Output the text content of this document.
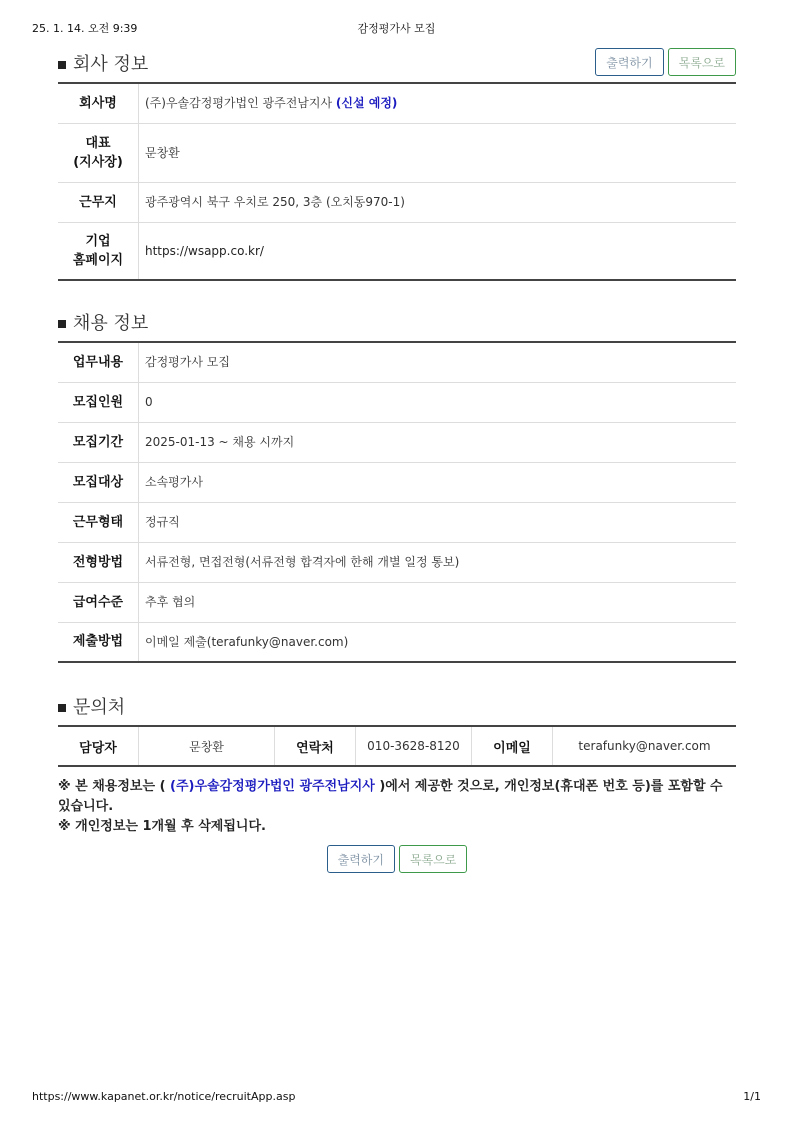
25. 1. 14. 오전 9:39	감정평가사 모집
회사 정보	출력하기	목록으로
회사명	(주)우솔감정평가법인 광주전남지사 (신설 예정)
대표
(지사장)	문창환
근무지	광주광역시 북구 우치로 250, 3층 (오치동970-1)
기업
홈페이지	https://wsapp.co.kr/
채용 정보
업무내용	감정평가사 모집
모집인원	0
모집기간	2025-01-13 ~ 채용 시까지
모집대상	소속평가사
근무형태	정규직
전형방법	서류전형, 면접전형(서류전형 합격자에 한해 개별 일정 통보)
급여수준	추후 협의
제출방법	이메일 제출(terafunky@naver.com)
문의처
담당자	문창환	연락처	010-3628-8120	이메일	terafunky@naver.com
※ 본 채용정보는 ( (주)우솔감정평가법인 광주전남지사 )에서 제공한 것으로, 개인정보(휴대폰 번호 등)를 포함할 수 있습니다.
※ 개인정보는 1개월 후 삭제됩니다.
출력하기	목록으로
https://www.kapanet.or.kr/notice/recruitApp.asp	1/1
